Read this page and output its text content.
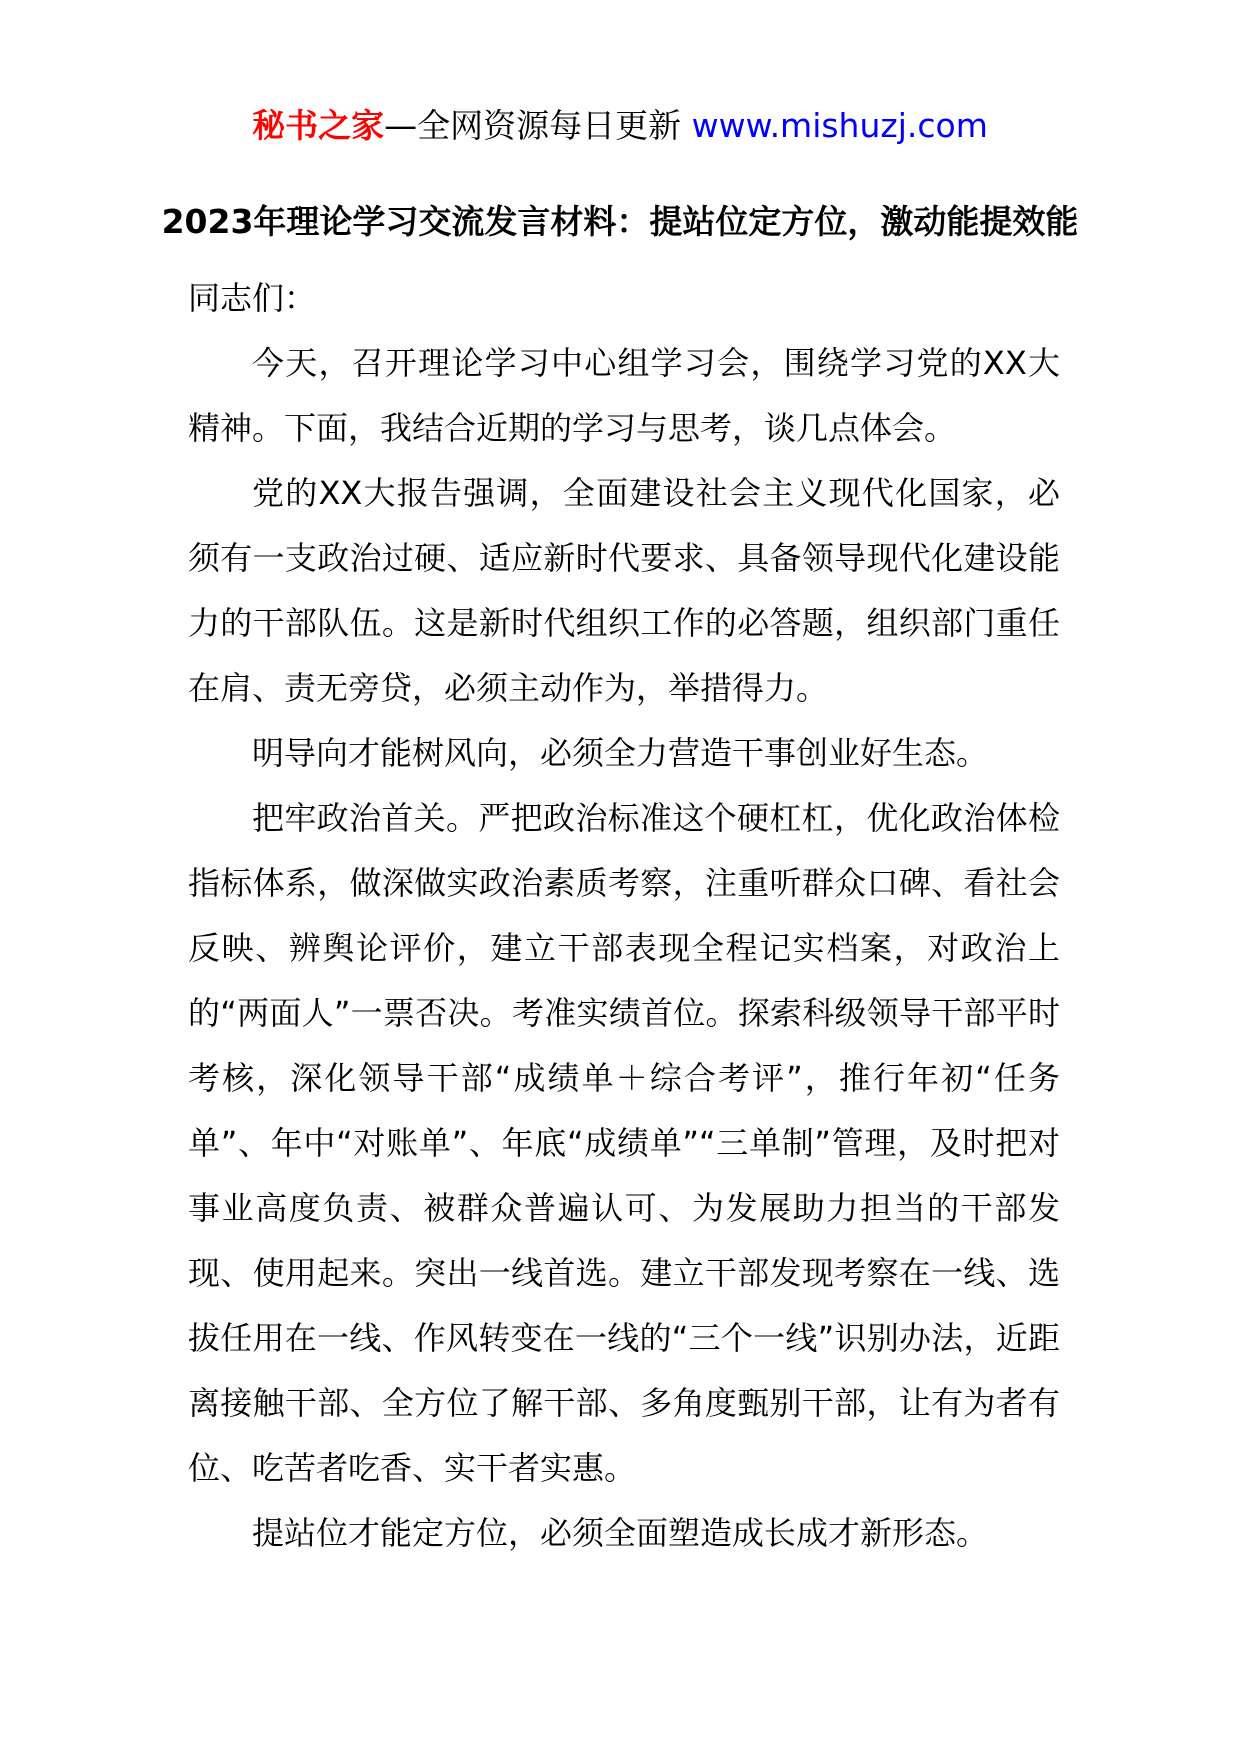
秘书之家—全网资源每日更新 www.mishuzj.com
2023年理论学习交流发言材料：提站位定方位，激动能提效能

同志们：

今天，召开理论学习中心组学习会，围绕学习党的XX大精神。下面，我结合近期的学习与思考，谈几点体会。

党的XX大报告强调，全面建设社会主义现代化国家，必须有一支政治过硬、适应新时代要求、具备领导现代化建设能力的干部队伍。这是新时代组织工作的必答题，组织部门重任在肩、责无旁贷，必须主动作为，举措得力。

明导向才能树风向，必须全力营造干事创业好生态。

把牢政治首关。严把政治标准这个硬杠杠，优化政治体检指标体系，做深做实政治素质考察，注重听群众口碑、看社会反映、辨舆论评价，建立干部表现全程记实档案，对政治上的“两面人”一票否决。考准实绩首位。探索科级领导干部平时考核，深化领导干部“成绩单＋综合考评”，推行年初“任务单”、年中“对账单”、年底“成绩单”“三单制”管理，及时把对事业高度负责、被群众普遍认可、为发展助力担当的干部发现、使用起来。突出一线首选。建立干部发现考察在一线、选拔任用在一线、作风转变在一线的“三个一线”识别办法，近距离接触干部、全方位了解干部、多角度甄别干部，让有为者有位、吃苦者吃香、实干者实惠。

提站位才能定方位，必须全面塑造成长成才新形态。
